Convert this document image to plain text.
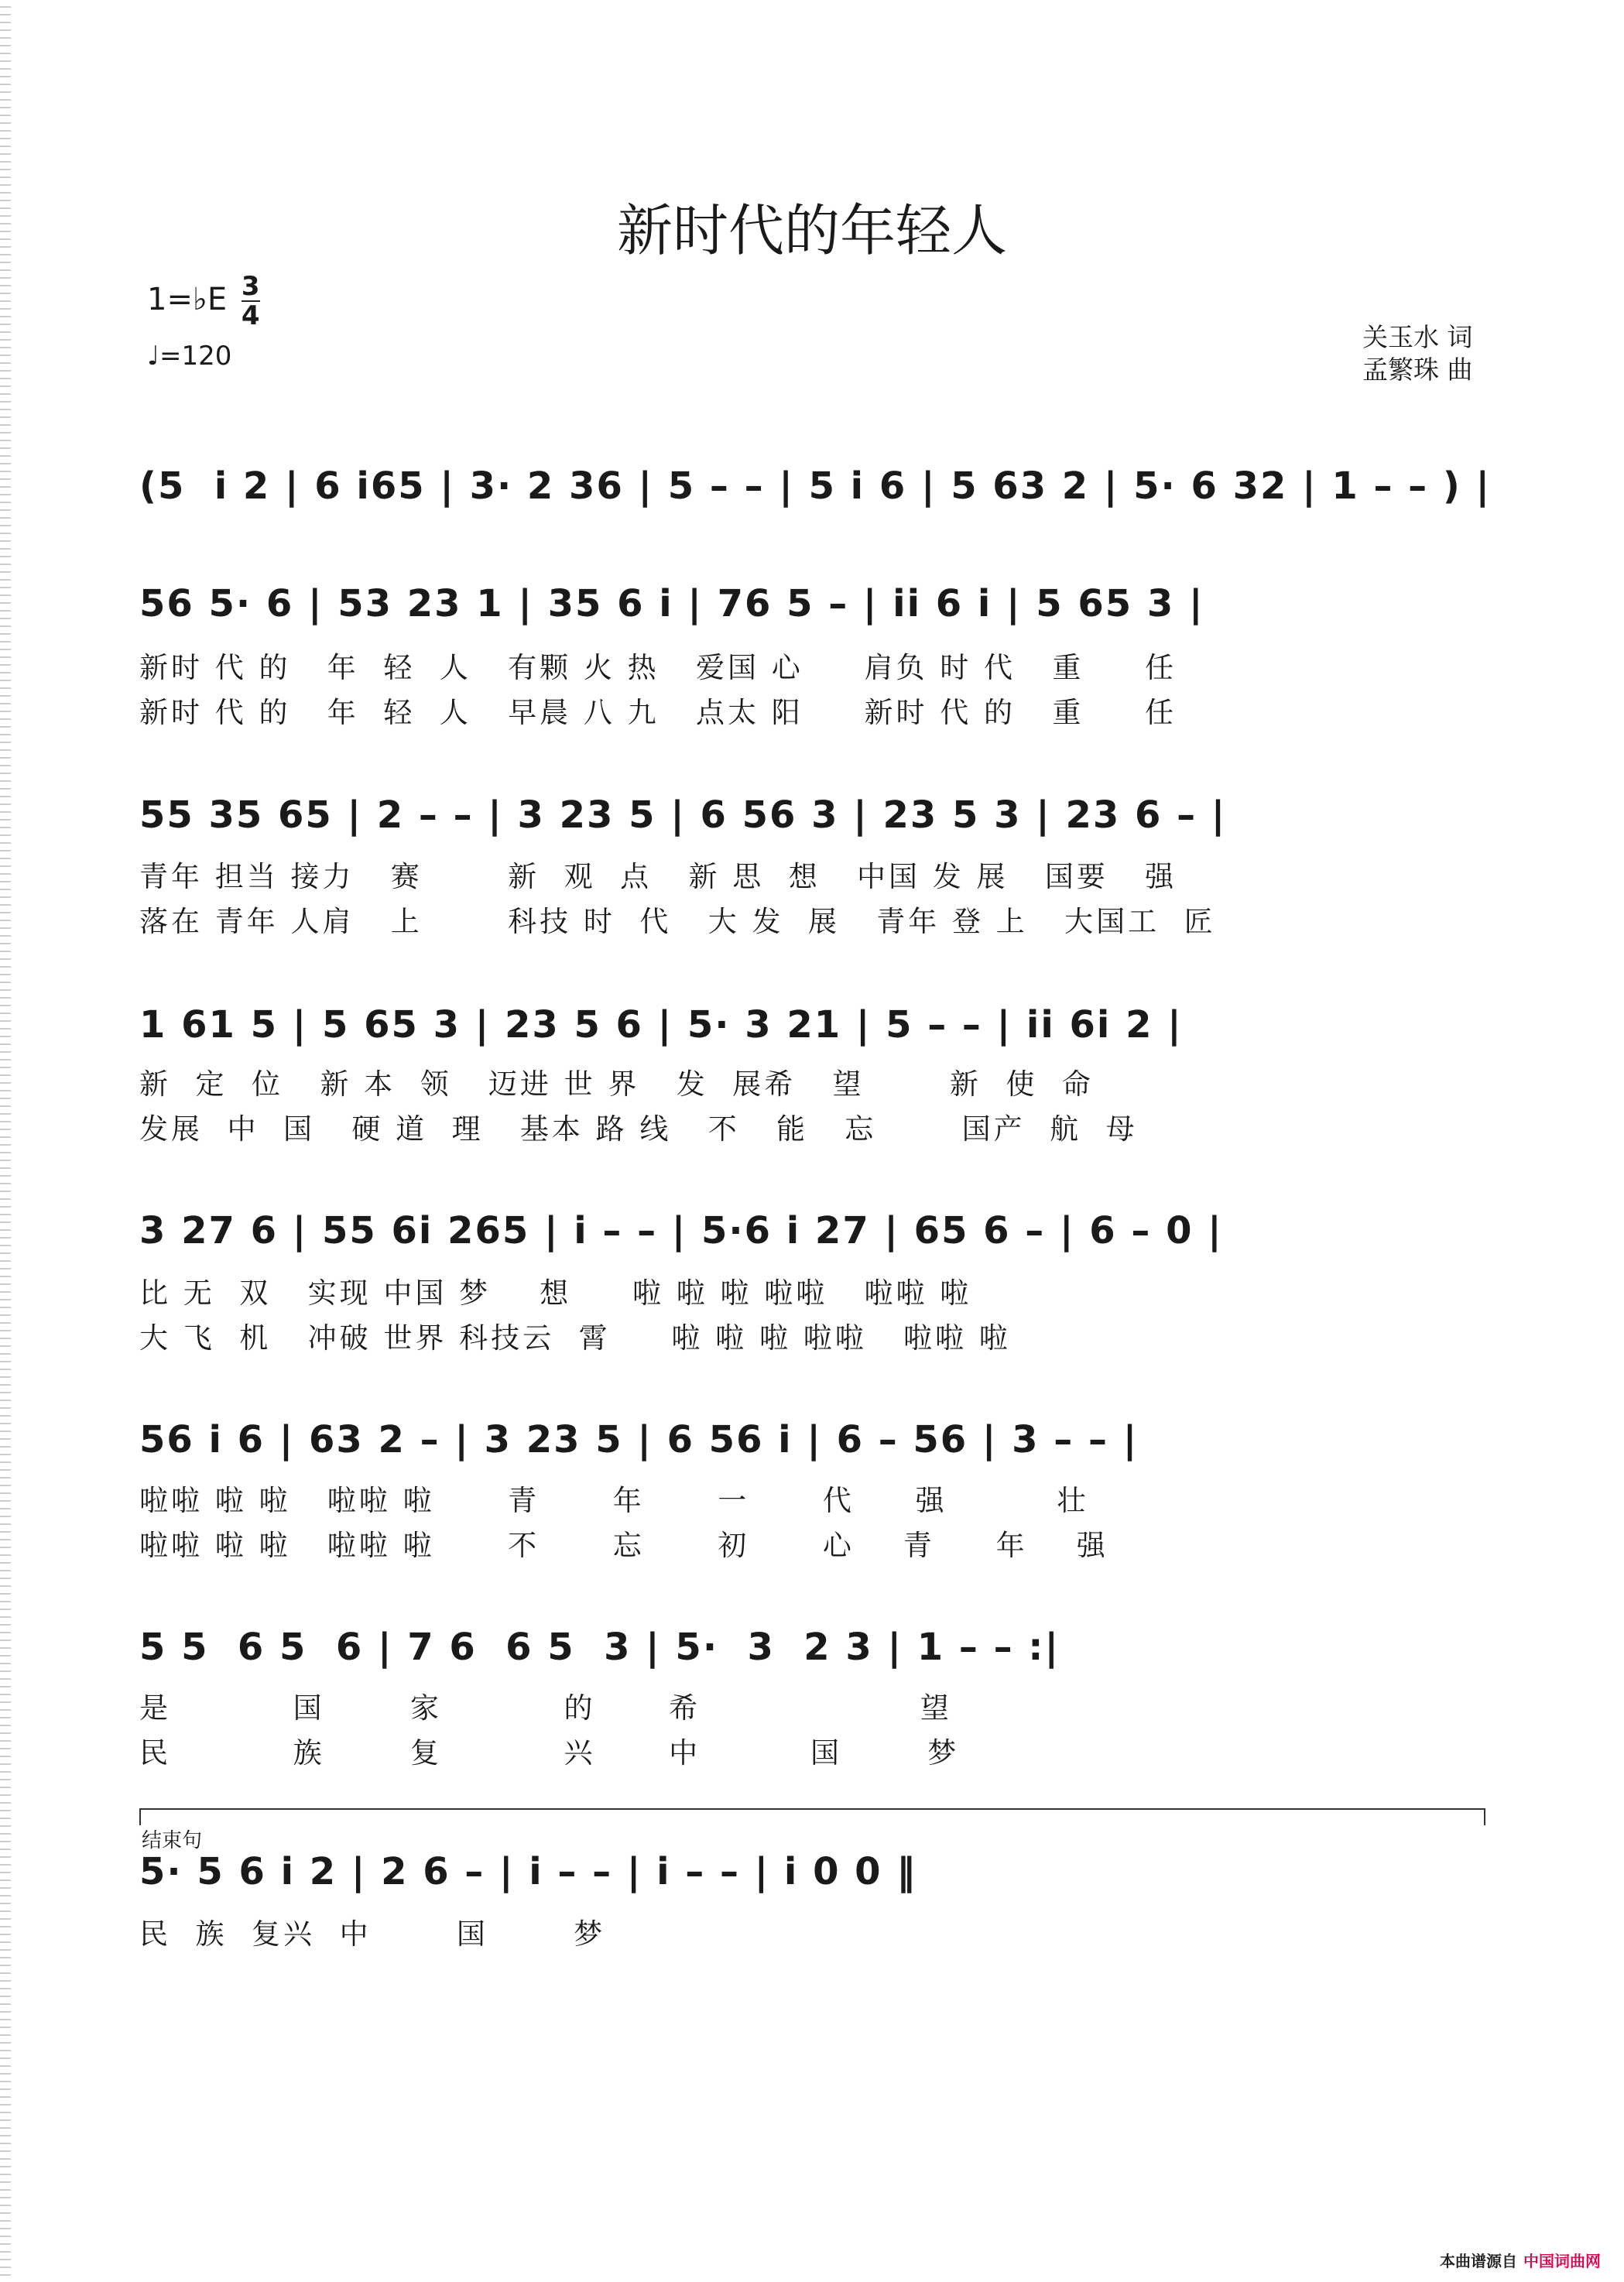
新时代的年轻人
1=♭E $\frac{3}{4}$
♩=120
关玉水 词
孟繁珠 曲
(5  i 2 | 6 i65 | 3· 2 36 | 5 – – | 5 i 6 | 5 63 2 | 5· 6 32 | 1 – – ) |
56 5· 6 | 53 23 1 | 35 6 i | 76 5 – | ii 6 i | 5 65 3 |
新时 代 的   年  轻  人   有颗 火 热   爱国 心     肩负 时 代   重     任
新时 代 的   年  轻  人   早晨 八 九   点太 阳     新时 代 的   重     任
55 35 65 | 2 – – | 3 23 5 | 6 56 3 | 23 5 3 | 23 6 – |
青年 担当 接力   赛       新  观  点   新 思  想   中国 发 展   国要   强
落在 青年 人肩   上       科技 时  代   大 发  展   青年 登 上   大国工  匠
1 61 5 | 5 65 3 | 23 5 6 | 5· 3 21 | 5 – – | ii 6i 2 |
新  定  位   新 本  领   迈进 世 界   发  展希   望       新  使  命
发展  中  国   硬 道  理   基本 路 线   不   能   忘       国产  航  母
3 27 6 | 55 6i 265 | i – – | 5·6 i 27 | 65 6 – | 6 – 0 |
比 无  双   实现 中国 梦    想     啦 啦 啦 啦啦   啦啦 啦
大 飞  机   冲破 世界 科技云  霄     啦 啦 啦 啦啦   啦啦 啦
56 i 6 | 63 2 – | 3 23 5 | 6 56 i | 6 – 56 | 3 – – |
啦啦 啦 啦   啦啦 啦      青      年      一      代     强         壮
啦啦 啦 啦   啦啦 啦      不      忘      初      心    青     年    强
5 5  6 5  6 | 7 6  6 5  3 | 5·  3  2 3 | 1 – – :|
是          国       家          的      希                  望
民          族       复          兴      中         国       梦
结束句
5· 5 6 i 2 | 2 6 – | i – – | i – – | i 0 0 ‖
民  族  复兴  中       国       梦
本曲谱源自 中国词曲网
